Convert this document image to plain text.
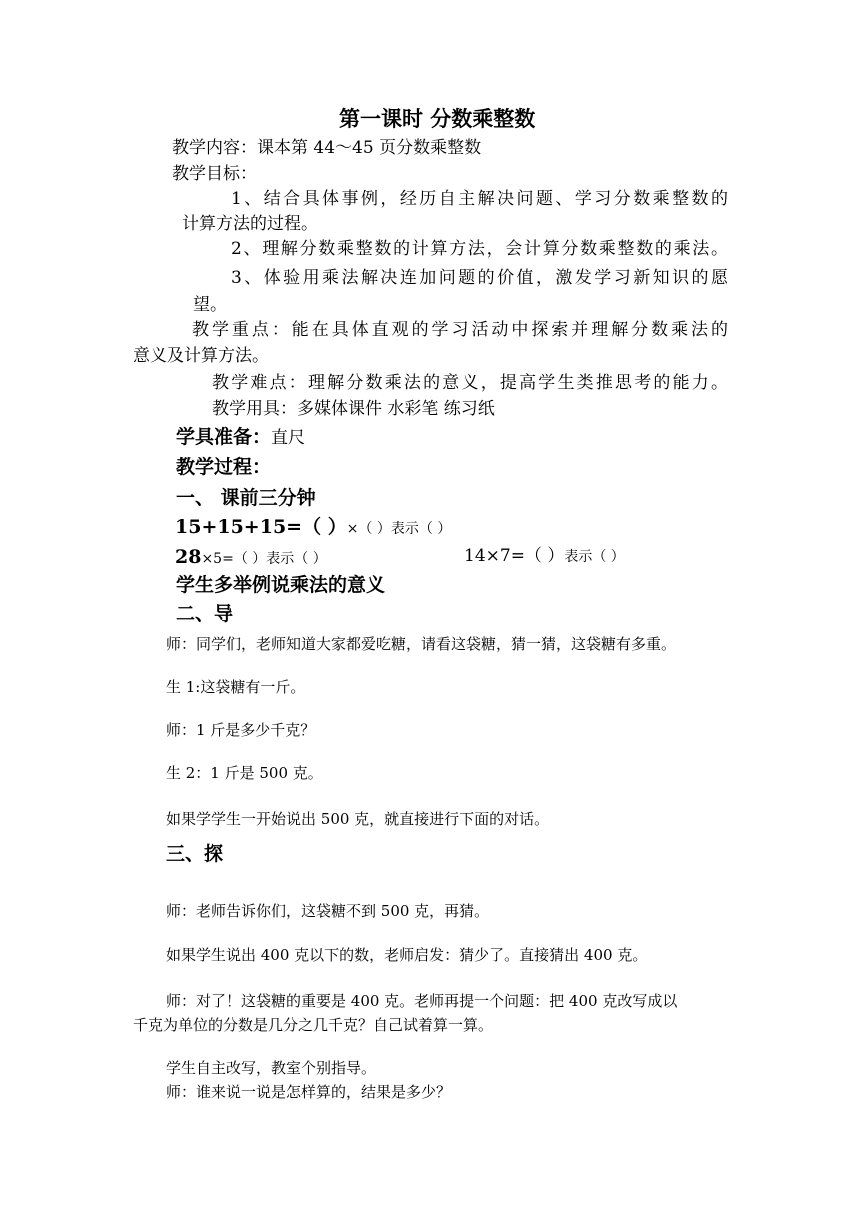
第一课时 分数乘整数
教学内容：课本第 44～45 页分数乘整数
教学目标：
1、结合具体事例，经历自主解决问题、学习分数乘整数的
计算方法的过程。
2、理解分数乘整数的计算方法，会计算分数乘整数的乘法。
3、体验用乘法解决连加问题的价值，激发学习新知识的愿
望。
教学重点：能在具体直观的学习活动中探索并理解分数乘法的
意义及计算方法。
教学难点：理解分数乘法的意义，提高学生类推思考的能力。
教学用具：多媒体课件 水彩笔 练习纸
学具准备：直尺
教学过程：
一、 课前三分钟
15+15+15=（ ）×（ ）表示（ ）
28×5=（ ）表示（ ）	14×7=（ ）表示（ ）
学生多举例说乘法的意义
二、导
师：同学们，老师知道大家都爱吃糖，请看这袋糖，猜一猜，这袋糖有多重。
生 1:这袋糖有一斤。
师：1 斤是多少千克？
生 2：1 斤是 500 克。
如果学学生一开始说出 500 克，就直接进行下面的对话。
三、探
师：老师告诉你们，这袋糖不到 500 克，再猜。
如果学生说出 400 克以下的数，老师启发：猜少了。直接猜出 400 克。
师：对了！这袋糖的重要是 400 克。老师再提一个问题：把 400 克改写成以
千克为单位的分数是几分之几千克？自己试着算一算。
学生自主改写，教室个别指导。
师：谁来说一说是怎样算的，结果是多少？
